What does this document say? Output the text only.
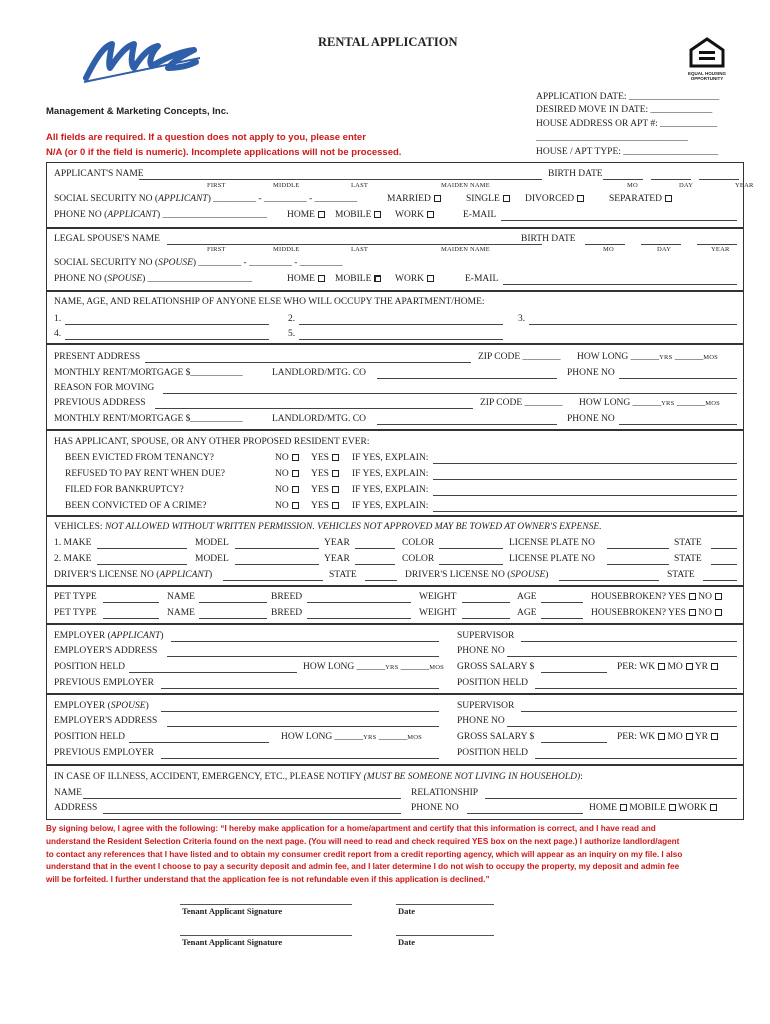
RENTAL APPLICATION
EQUAL HOUSING OPPORTUNITY
Management & Marketing Concepts, Inc.
All fields are required. If a question does not apply to you, please enter
N/A (or 0 if the field is numeric). Incomplete applications will not be processed.
APPLICATION DATE: ___________________
DESIRED MOVE IN DATE: _____________
HOUSE ADDRESS OR APT #: ____________
________________________________
HOUSE / APT TYPE: ____________________
APPLICANT'S NAME
FIRST	MIDDLE	LAST	MAIDEN NAME
BIRTH DATE
MO	DAY	YEAR
SOCIAL SECURITY NO (APPLICANT) _________ - _________ - _________	MARRIED	SINGLE	DIVORCED	SEPARATED
PHONE NO (APPLICANT) ______________________ HOME	MOBILE	WORK	E-MAIL
LEGAL SPOUSE'S NAME
FIRST	MIDDLE	LAST	MAIDEN NAME
BIRTH DATE
MO	DAY	YEAR
SOCIAL SECURITY NO (SPOUSE) _________ - _________ - _________
PHONE NO (SPOUSE) ______________________	HOME	MOBILE	WORK	E-MAIL
NAME, AGE, AND RELATIONSHIP OF ANYONE ELSE WHO WILL OCCUPY THE APARTMENT/HOME:
1.	2.	3.
4.	5.
PRESENT ADDRESS	ZIP CODE ________ HOW LONG ______YRS ______MOS
MONTHLY RENT/MORTGAGE $___________	LANDLORD/MTG. CO	PHONE NO
REASON FOR MOVING
PREVIOUS ADDRESS	ZIP CODE ________ HOW LONG ______YRS ______MOS
MONTHLY RENT/MORTGAGE $___________	LANDLORD/MTG. CO	PHONE NO
HAS APPLICANT, SPOUSE, OR ANY OTHER PROPOSED RESIDENT EVER:
BEEN EVICTED FROM TENANCY?	NO	YES	IF YES, EXPLAIN:
REFUSED TO PAY RENT WHEN DUE?	NO	YES	IF YES, EXPLAIN:
FILED FOR BANKRUPTCY?	NO	YES	IF YES, EXPLAIN:
BEEN CONVICTED OF A CRIME?	NO	YES	IF YES, EXPLAIN:
VEHICLES: NOT ALLOWED WITHOUT WRITTEN PERMISSION. VEHICLES NOT APPROVED MAY BE TOWED AT OWNER'S EXPENSE.
1. MAKE	MODEL	YEAR	COLOR	LICENSE PLATE NO	STATE
2. MAKE	MODEL	YEAR	COLOR	LICENSE PLATE NO	STATE
DRIVER'S LICENSE NO (APPLICANT)	STATE	DRIVER'S LICENSE NO (SPOUSE)	STATE
PET TYPE	NAME	BREED	WEIGHT	AGE	HOUSEBROKEN? YES NO
PET TYPE	NAME	BREED	WEIGHT	AGE	HOUSEBROKEN? YES NO
EMPLOYER (APPLICANT)	SUPERVISOR
EMPLOYER'S ADDRESS	PHONE NO
POSITION HELD	HOW LONG ______YRS ______MOS GROSS SALARY $	PER: WK MO YR
PREVIOUS EMPLOYER	POSITION HELD
EMPLOYER (SPOUSE)	SUPERVISOR
EMPLOYER'S ADDRESS	PHONE NO
POSITION HELD	HOW LONG ______YRS ______MOS	GROSS SALARY $	PER: WK MO YR
PREVIOUS EMPLOYER	POSITION HELD
IN CASE OF ILLNESS, ACCIDENT, EMERGENCY, ETC., PLEASE NOTIFY (MUST BE SOMEONE NOT LIVING IN HOUSEHOLD):
NAME	RELATIONSHIP
ADDRESS	PHONE NO	HOME MOBILE WORK
By signing below, I agree with the following: “I hereby make application for a home/apartment and certify that this information is correct, and I have read and
understand the Resident Selection Criteria found on the next page. (You will need to read and check required YES box on the next page.) I authorize landlord/agent
to contact any references that I have listed and to obtain my consumer credit report from a credit reporting agency, which will appear as an inquiry on my file. I also
understand that in the event I choose to pay a security deposit and admin fee, and I later determine I do not wish to occupy the property, my deposit and admin fee
will be forfeited. I further understand that the application fee is not refundable even if this application is declined.”
Tenant Applicant Signature	Date
Tenant Applicant Signature	Date
